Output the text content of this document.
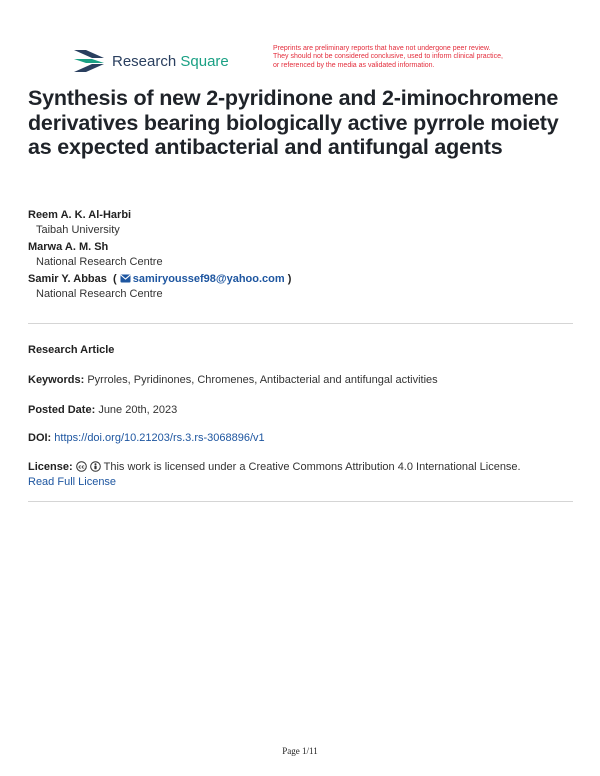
Research Square
Preprints are preliminary reports that have not undergone peer review.
They should not be considered conclusive, used to inform clinical practice,
or referenced by the media as validated information.
Synthesis of new 2-pyridinone and 2-iminochromene derivatives bearing biologically active pyrrole moiety as expected antibacterial and antifungal agents
Reem A. K. Al-Harbi
Taibah University
Marwa A. M. Sh
National Research Centre
Samir Y. Abbas  ( samiryoussef98@yahoo.com )
National Research Centre
Research Article
Keywords: Pyrroles, Pyridinones, Chromenes, Antibacterial and antifungal activities
Posted Date: June 20th, 2023
DOI: https://doi.org/10.21203/rs.3.rs-3068896/v1
License: cc This work is licensed under a Creative Commons Attribution 4.0 International License.
Read Full License
Page 1/11
